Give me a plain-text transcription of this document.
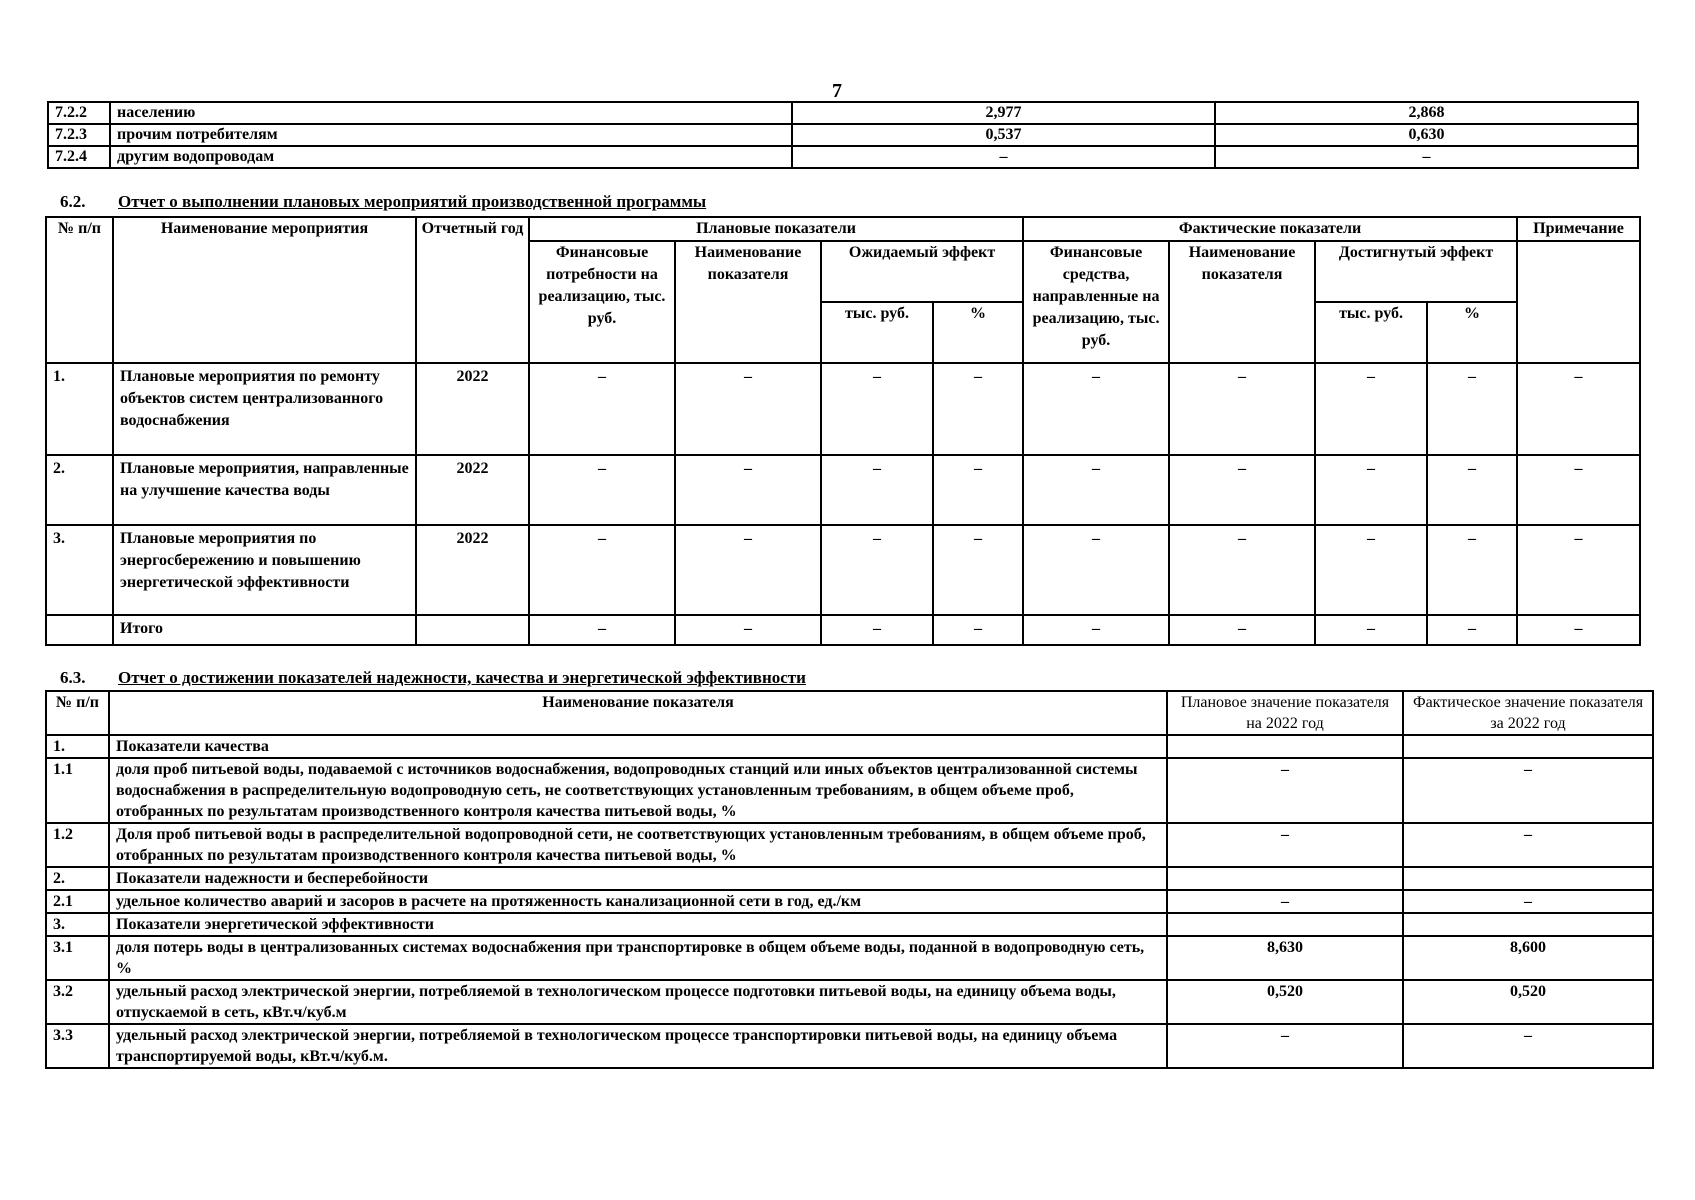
7
7.2.2	населению	2,977	2,868
7.2.3	прочим потребителям	0,537	0,630
7.2.4	другим водопроводам	–	–
6.2. Отчет о выполнении плановых мероприятий производственной программы
№ п/п	Наименование мероприятия	Отчетный год	Плановые показатели				Фактические показатели				Примечание
			Финансовые потребности на реализацию, тыс. руб.	Наименование показателя	Ожидаемый эффект		Финансовые средства, направленные на реализацию, тыс. руб.	Наименование показателя	Достигнутый эффект		
					тыс. руб.	%			тыс. руб.	%	
1.	Плановые мероприятия по ремонту объектов систем централизованного водоснабжения	2022	–	–	–	–	–	–	–	–	–
2.	Плановые мероприятия, направленные на улучшение качества воды	2022	–	–	–	–	–	–	–	–	–
3.	Плановые мероприятия по энергосбережению и повышению энергетической эффективности	2022	–	–	–	–	–	–	–	–	–
	Итого		–	–	–	–	–	–	–	–	–
6.3. Отчет о достижении показателей надежности, качества и энергетической эффективности
№ п/п	Наименование показателя	Плановое значение показателя на 2022 год	Фактическое значение показателя за 2022 год
1.	Показатели качества		
1.1	доля проб питьевой воды, подаваемой с источников водоснабжения, водопроводных станций или иных объектов централизованной системы водоснабжения в распределительную водопроводную сеть, не соответствующих установленным требованиям, в общем объеме проб, отобранных по результатам производственного контроля качества питьевой воды, %	–	–
1.2	Доля проб питьевой воды в распределительной водопроводной сети, не соответствующих установленным требованиям, в общем объеме проб, отобранных по результатам производственного контроля качества питьевой воды, %	–	–
2.	Показатели надежности и бесперебойности		
2.1	удельное количество аварий и засоров в расчете на протяженность канализационной сети в год, ед./км	–	–
3.	Показатели энергетической эффективности		
3.1	доля потерь воды в централизованных системах водоснабжения при транспортировке в общем объеме воды, поданной в водопроводную сеть, %	8,630	8,600
3.2	удельный расход электрической энергии, потребляемой в технологическом процессе подготовки питьевой воды, на единицу объема воды, отпускаемой в сеть, кВт.ч/куб.м	0,520	0,520
3.3	удельный расход электрической энергии, потребляемой в технологическом процессе транспортировки питьевой воды, на единицу объема транспортируемой воды, кВт.ч/куб.м.	–	–
